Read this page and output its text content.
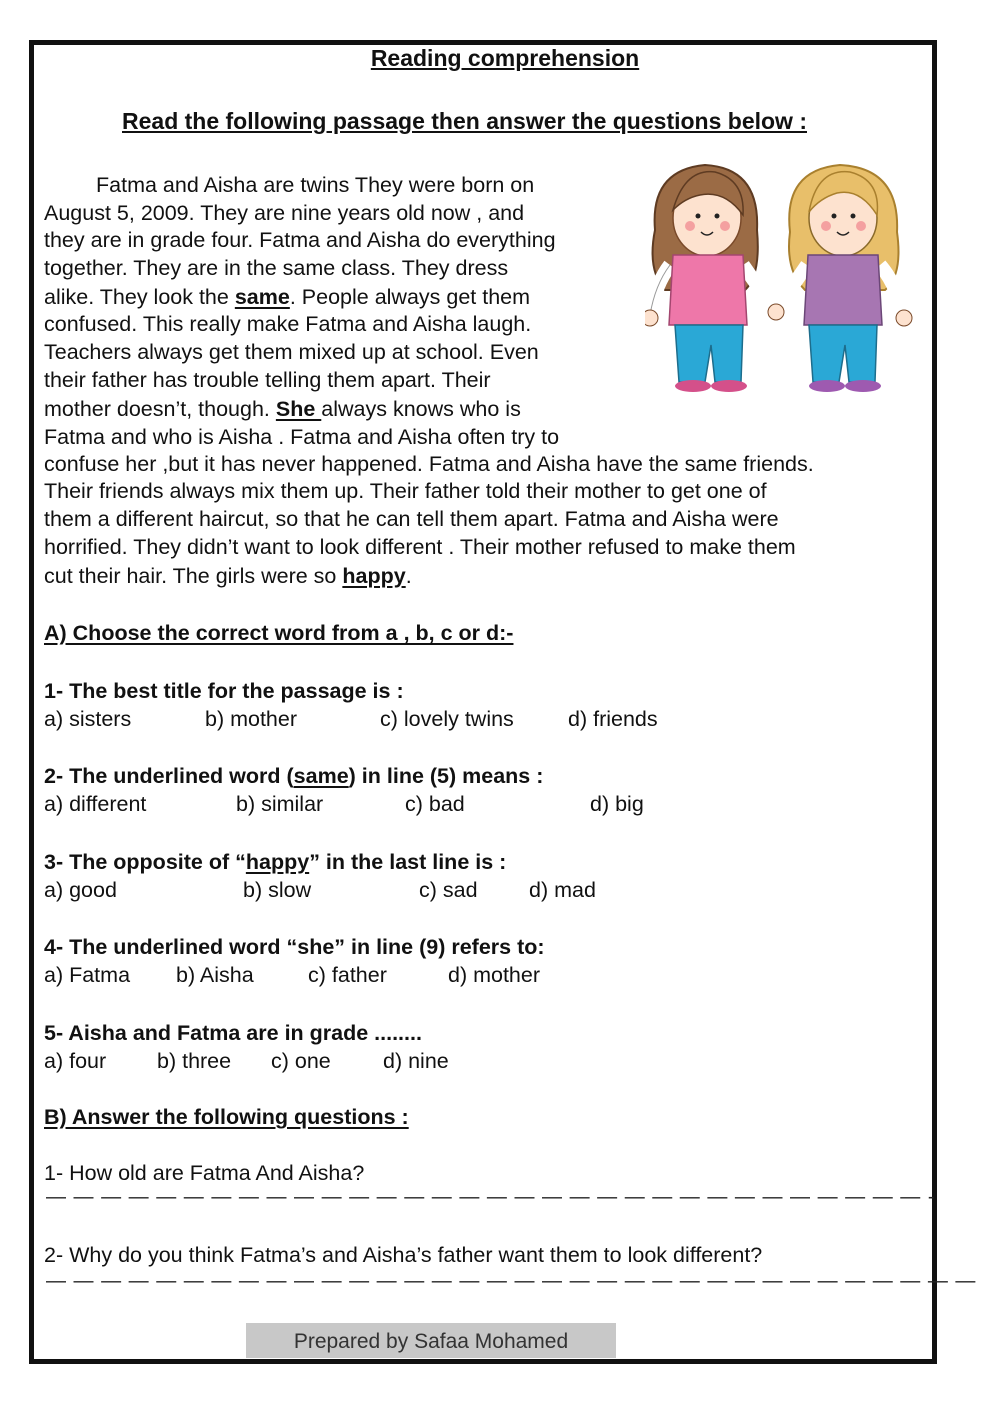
Reading comprehension
Read the following passage then answer the questions below :
Fatma and Aisha are twins They were born on
August 5, 2009. They are nine years old now , and
they are in grade four. Fatma and Aisha do everything
together. They are in the same class. They dress
alike. They look the same. People always get them
confused. This really make Fatma and Aisha laugh.
Teachers always get them mixed up at school. Even
their father has trouble telling them apart. Their
mother doesn’t, though. She always knows who is
Fatma and who is Aisha . Fatma and Aisha often try to
confuse her ,but it has never happened. Fatma and Aisha have the same friends.
Their friends always mix them up. Their father told their mother to get one of
them a different haircut, so that he can tell them apart. Fatma and Aisha were
horrified. They didn’t want to look different . Their mother refused to make them
cut their hair. The girls were so happy.
A) Choose the correct word from a , b, c or d:-
1- The best title for the passage is :
a) sisters	b) mother	c) lovely twins	d) friends
2- The underlined word (same) in line (5) means :
a) different	b) similar	c) bad	d) big
3- The opposite of “happy” in the last line is :
a) good	b) slow	c) sad d) mad
4- The underlined word “she” in line (9) refers to:
a) Fatma b) Aisha	c) father	d) mother
5- Aisha and Fatma are in grade ........
a) four b) three c) one d) nine
B) Answer the following questions :
1- How old are Fatma And Aisha?
— — — — — — — — — — — — — — — — — — — — — — — — — — — — — — — — -
2- Why do you think Fatma’s and Aisha’s father want them to look different?
— — — — — — — — — — — — — — — — — — — — — — — — — — — — — — — — — —
Prepared by Safaa Mohamed
